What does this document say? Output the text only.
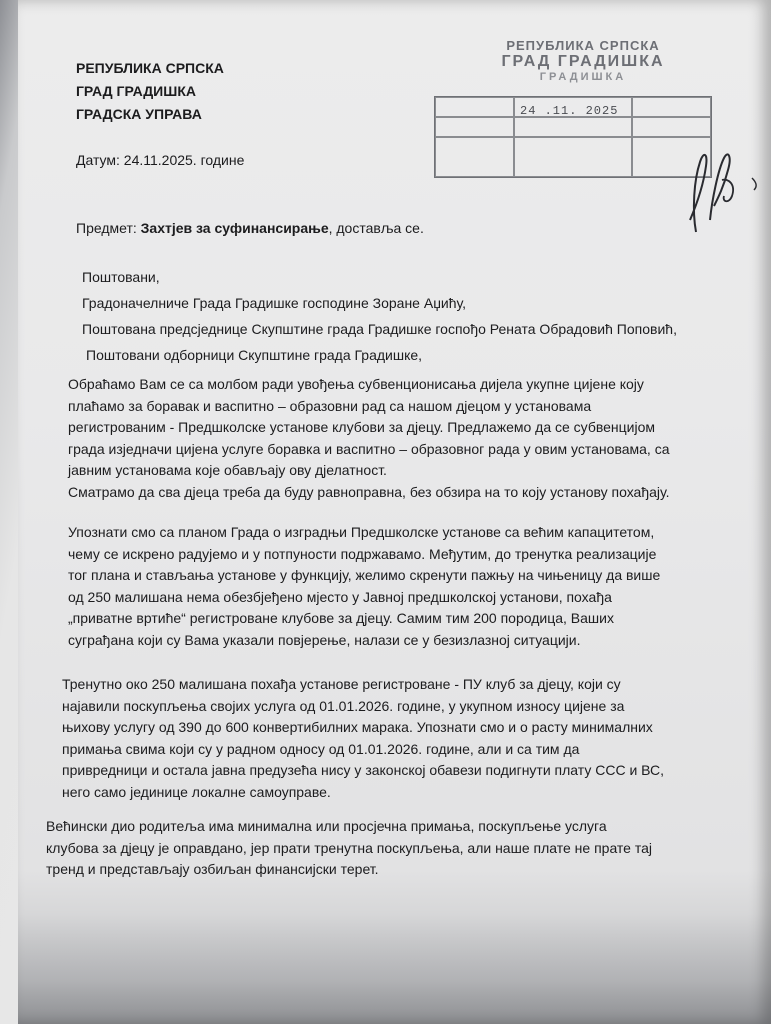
РЕПУБЛИКА СРПСКА
ГРАД ГРАДИШКА
ГРАДСКА УПРАВА
Датум: 24.11.2025. године
РЕПУБЛИКА СРПСКА
ГРАД ГРАДИШКА
ГРАДИШКА
24 .11. 2025
Предмет: Захтјев за суфинансирање, доставља се.
Поштовани,
Градоначелниче Града Градишке господине Зоране Аџићу,
Поштована предсједнице Скупштине града Градишке госпођо Рената Обрадовић Поповић,
Поштовани одборници Скупштине града Градишке,
Обраћамо Вам се са молбом ради увођења субвенционисања дијела укупне цијене коју
плаћамо за боравак и васпитно – образовни рад са нашом дјецом у установама
регистрованим - Предшколске установе клубови за дјецу. Предлажемо да се субвенцијом
града изједначи цијена услуге боравка и васпитно – образовног рада у овим установама, са
јавним установама које обављају ову дјелатност.
Сматрамо да сва дјеца треба да буду равноправна, без обзира на то коју установу похађају.
Упознати смо са планом Града о изградњи Предшколске установе са већим капацитетом,
чему се искрено радујемо и у потпуности подржавамо. Међутим, до тренутка реализације
тог плана и стављања установе у функцију, желимо скренути пажњу на чињеницу да више
од 250 малишана нема обезбјеђено мјесто у Јавној предшколској установи, похађа
„приватне вртиће“ регистроване клубове за дјецу. Самим тим 200 породица, Ваших
суграђана који су Вама указали повјерење, налази се у безизлазној ситуацији.
Тренутно око 250 малишана похађа установе регистроване - ПУ клуб за дјецу, који су
најавили поскупљења својих услуга од 01.01.2026. године, у укупном износу цијене за
њихову услугу од 390 до 600 конвертибилних марака. Упознати смо и о расту минималних
примања свима који су у радном односу од 01.01.2026. године, али и са тим да
привредници и остала јавна предузећа нису у законској обавези подигнути плату ССС и ВС,
него само јединице локалне самоуправе.
Већински дио родитеља има минимална или просјечна примања, поскупљење услуга
клубова за дјецу је оправдано, јер прати тренутна поскупљења, али наше плате не прате тај
тренд и представљају озбиљан финансијски терет.
